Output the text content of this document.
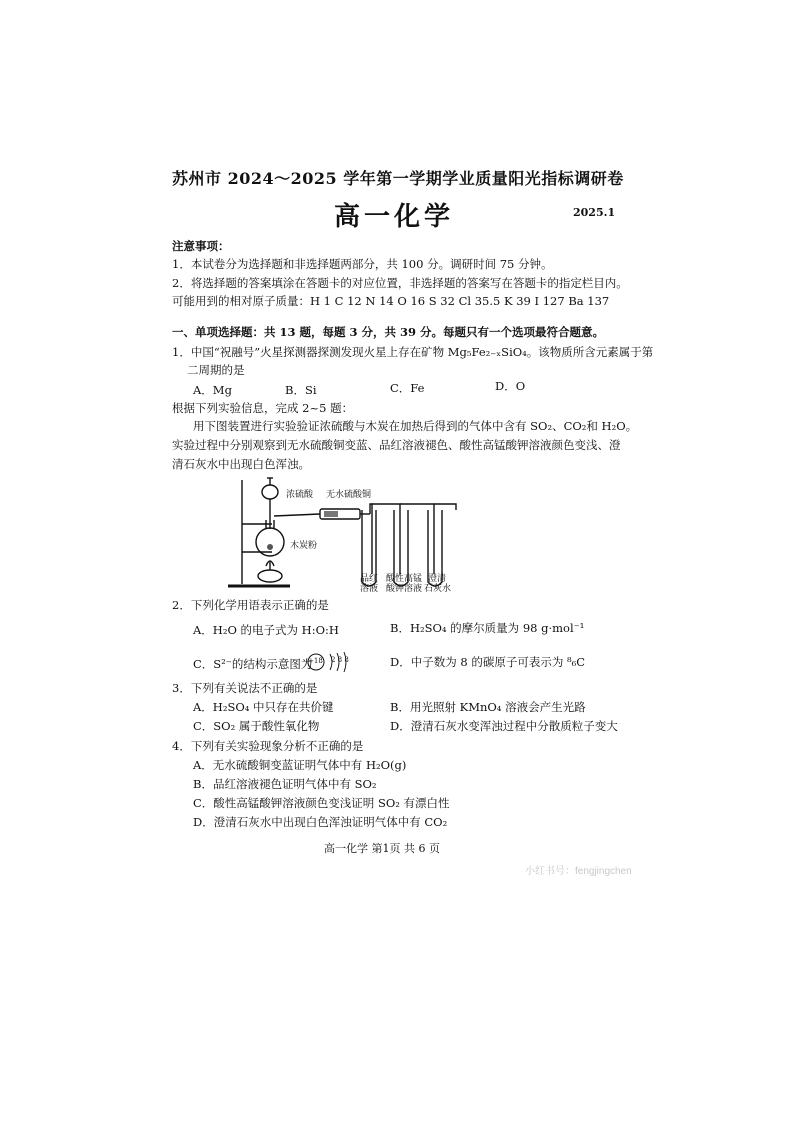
苏州市 2024～2025 学年第一学期学业质量阳光指标调研卷
高一化学	2025.1
注意事项：
1．本试卷分为选择题和非选择题两部分，共 100 分。调研时间 75 分钟。
2．将选择题的答案填涂在答题卡的对应位置，非选择题的答案写在答题卡的指定栏目内。
可能用到的相对原子质量：H 1 C 12 N 14 O 16 S 32 Cl 35.5 K 39 I 127 Ba 137
一、单项选择题：共 13 题，每题 3 分，共 39 分。每题只有一个选项最符合题意。
1．中国“祝融号”火星探测器探测发现火星上存在矿物 Mg₅Fe₂₋ₓSiO₄。该物质所含元素属于第
二周期的是
A．Mg	B．Si	C．Fe	D．O
根据下列实验信息，完成 2~5 题：
用下图装置进行实验验证浓硫酸与木炭在加热后得到的气体中含有 SO₂、CO₂和 H₂O。
实验过程中分别观察到无水硫酸铜变蓝、品红溶液褪色、酸性高锰酸钾溶液颜色变浅、澄
清石灰水中出现白色浑浊。
浓硫酸 无水硫酸铜
木炭粉
品红
溶液
酸性高锰
酸钾溶液
澄清
石灰水
2．下列化学用语表示正确的是
A．H₂O 的电子式为 H:O:H	B．H₂SO₄ 的摩尔质量为 98 g·mol⁻¹
C．S²⁻的结构示意图为
+18 2 8 8	D．中子数为 8 的碳原子可表示为 ⁸₆C
3．下列有关说法不正确的是
A．H₂SO₄ 中只存在共价键	B．用光照射 KMnO₄ 溶液会产生光路
C．SO₂ 属于酸性氧化物	D．澄清石灰水变浑浊过程中分散质粒子变大
4．下列有关实验现象分析不正确的是
A．无水硫酸铜变蓝证明气体中有 H₂O(g)
B．品红溶液褪色证明气体中有 SO₂
C．酸性高锰酸钾溶液颜色变浅证明 SO₂ 有漂白性
D．澄清石灰水中出现白色浑浊证明气体中有 CO₂
高一化学 第1页 共 6 页
小红书号：fengjingchen
